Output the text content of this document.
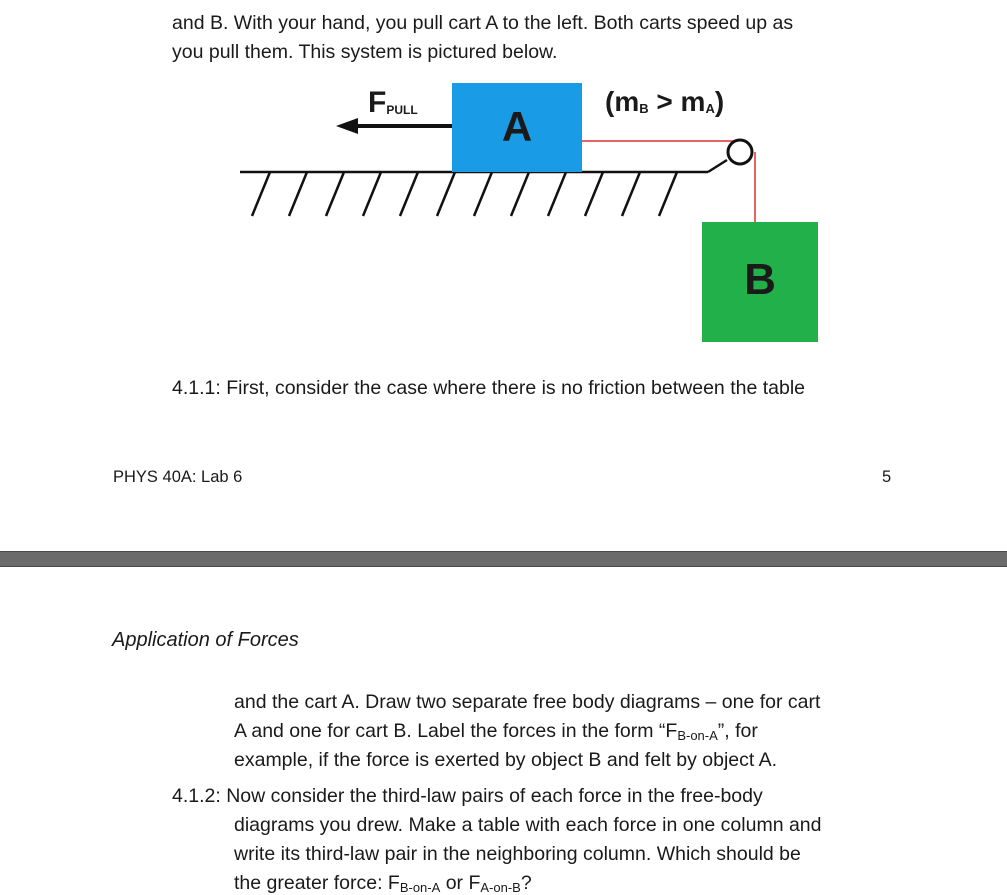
and B. With your hand, you pull cart A to the left. Both carts speed up as
you pull them. This system is pictured below.

A
B
FPULL	(mB > mA)

4.1.1: First, consider the case where there is no friction between the table

PHYS 40A: Lab 6	5

Application of Forces

and the cart A. Draw two separate free body diagrams – one for cart
A and one for cart B. Label the forces in the form “$F_{B-on-A}$”, for
example, if the force is exerted by object B and felt by object A.

4.1.2: Now consider the third-law pairs of each force in the free-body
diagrams you drew. Make a table with each force in one column and
write its third-law pair in the neighboring column. Which should be
the greater force: $F_{B-on-A}$ or $F_{A-on-B}$?
